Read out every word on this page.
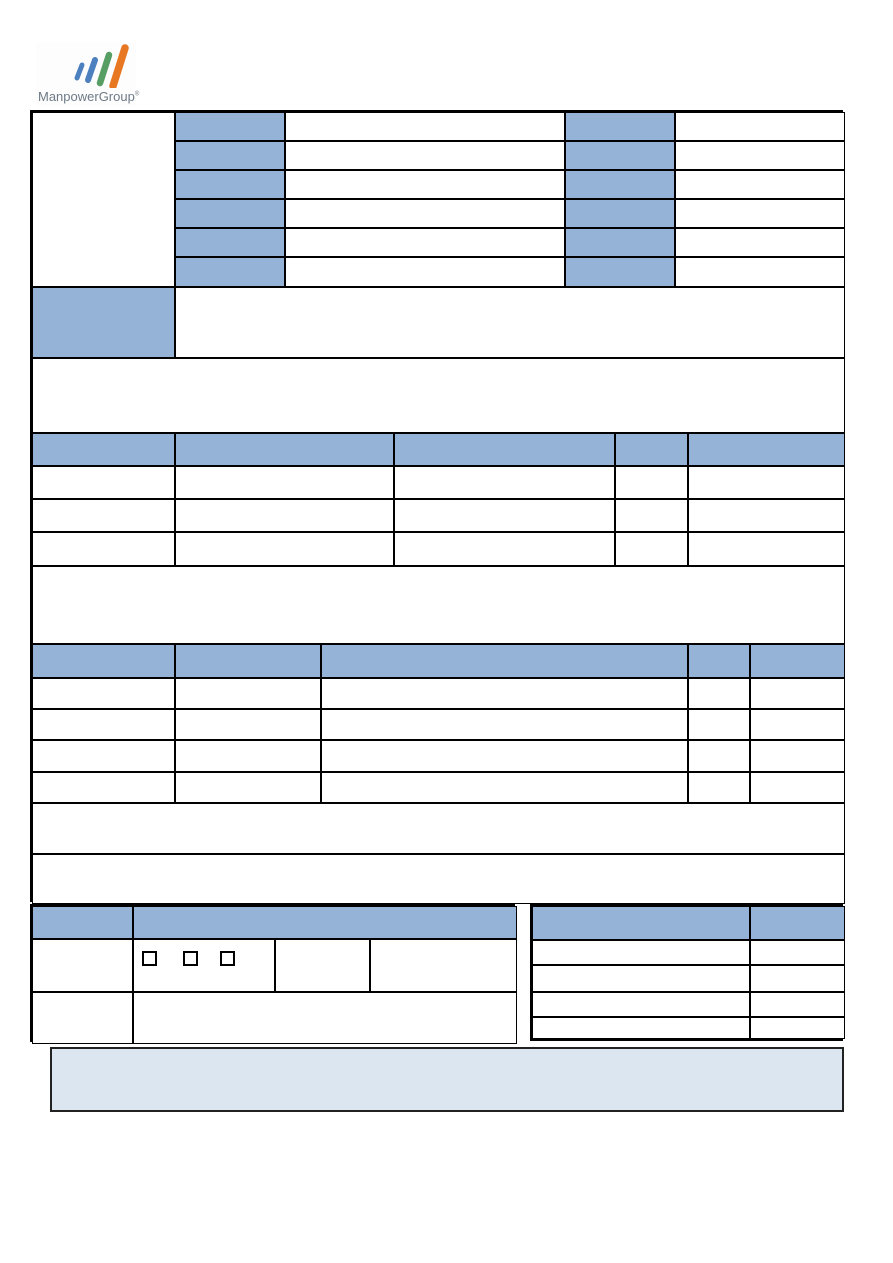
ManpowerGroup®
